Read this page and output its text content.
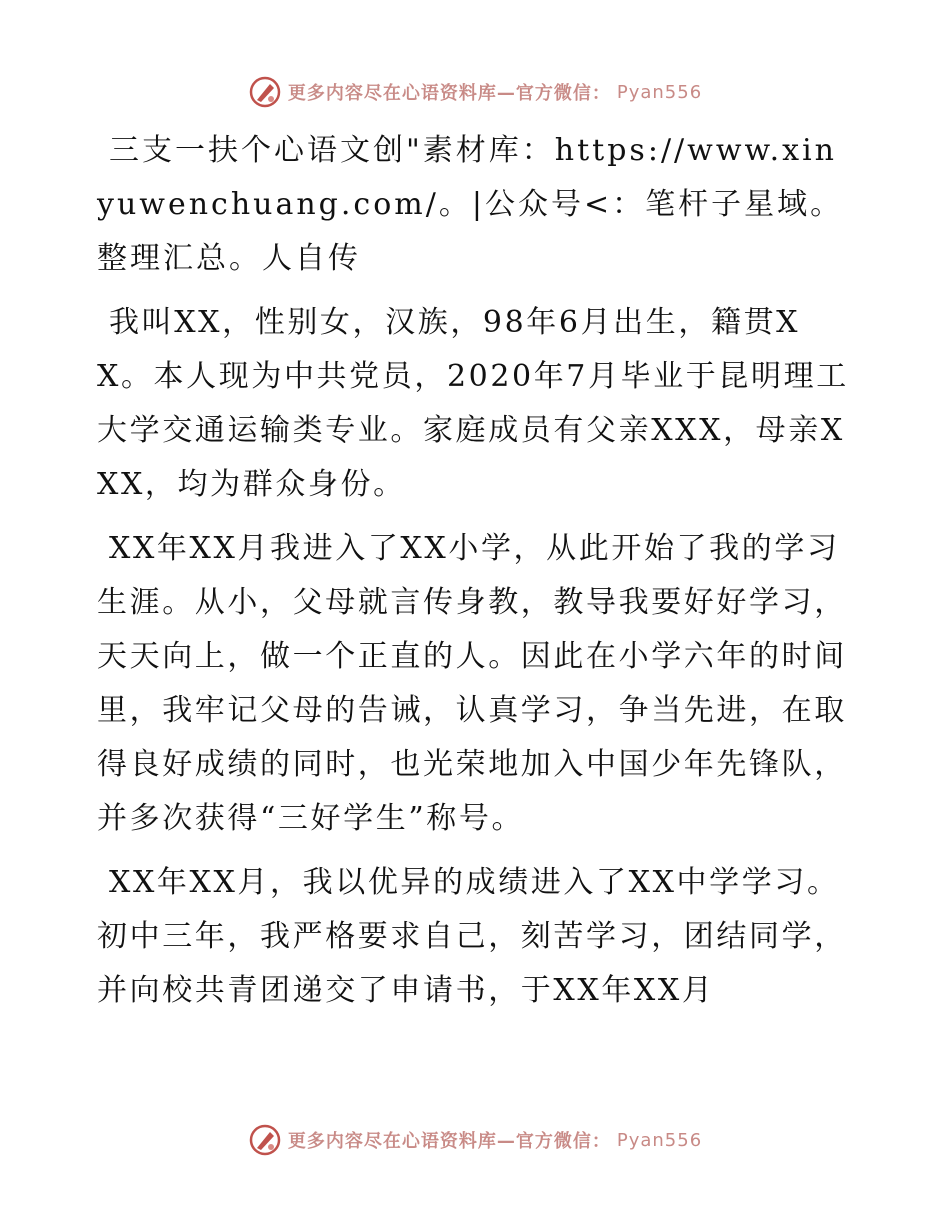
更多内容尽在心语资料库—官方微信： Pyan556

三支一扶个心语文创"素材库：https://www.xinyuwenchuang.com/。|公众号<：笔杆子星域。整理汇总。人自传

我叫XX，性别女，汉族，98年6月出生，籍贯XX。本人现为中共党员，2020年7月毕业于昆明理工大学交通运输类专业。家庭成员有父亲XXX，母亲XXX，均为群众身份。

XX年XX月我进入了XX小学，从此开始了我的学习生涯。从小，父母就言传身教，教导我要好好学习，天天向上，做一个正直的人。因此在小学六年的时间里，我牢记父母的告诫，认真学习，争当先进，在取得良好成绩的同时，也光荣地加入中国少年先锋队，并多次获得“三好学生”称号。

XX年XX月，我以优异的成绩进入了XX中学学习。初中三年，我严格要求自己，刻苦学习，团结同学，并向校共青团递交了申请书，于XX年XX月

更多内容尽在心语资料库—官方微信： Pyan556
